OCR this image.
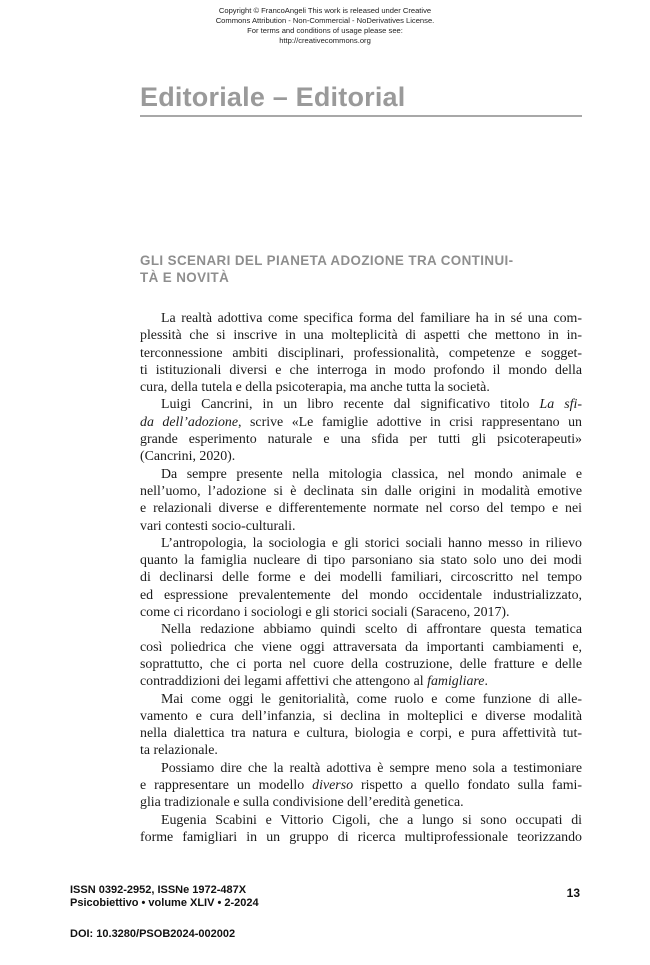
Copyright © FrancoAngeli This work is released under Creative
Commons Attribution - Non-Commercial - NoDerivatives License.
For terms and conditions of usage please see:
http://creativecommons.org
Editoriale – Editorial
GLI SCENARI DEL PIANETA ADOZIONE TRA CONTINUI-
TÀ E NOVITÀ
La realtà adottiva come specifica forma del familiare ha in sé una com-
plessità che si inscrive in una molteplicità di aspetti che mettono in in-
terconnessione ambiti disciplinari, professionalità, competenze e sogget-
ti istituzionali diversi e che interroga in modo profondo il mondo della
cura, della tutela e della psicoterapia, ma anche tutta la società.
Luigi Cancrini, in un libro recente dal significativo titolo La sfi-
da dell’adozione, scrive «Le famiglie adottive in crisi rappresentano un
grande esperimento naturale e una sfida per tutti gli psicoterapeuti»
(Cancrini, 2020).
Da sempre presente nella mitologia classica, nel mondo animale e
nell’uomo, l’adozione si è declinata sin dalle origini in modalità emotive
e relazionali diverse e differentemente normate nel corso del tempo e nei
vari contesti socio-culturali.
L’antropologia, la sociologia e gli storici sociali hanno messo in rilievo
quanto la famiglia nucleare di tipo parsoniano sia stato solo uno dei modi
di declinarsi delle forme e dei modelli familiari, circoscritto nel tempo
ed espressione prevalentemente del mondo occidentale industrializzato,
come ci ricordano i sociologi e gli storici sociali (Saraceno, 2017).
Nella redazione abbiamo quindi scelto di affrontare questa tematica
così poliedrica che viene oggi attraversata da importanti cambiamenti e,
soprattutto, che ci porta nel cuore della costruzione, delle fratture e delle
contraddizioni dei legami affettivi che attengono al famigliare.
Mai come oggi le genitorialità, come ruolo e come funzione di alle-
vamento e cura dell’infanzia, si declina in molteplici e diverse modalità
nella dialettica tra natura e cultura, biologia e corpi, e pura affettività tut-
ta relazionale.
Possiamo dire che la realtà adottiva è sempre meno sola a testimoniare
e rappresentare un modello diverso rispetto a quello fondato sulla fami-
glia tradizionale e sulla condivisione dell’eredità genetica.
Eugenia Scabini e Vittorio Cigoli, che a lungo si sono occupati di
forme famigliari in un gruppo di ricerca multiprofessionale teorizzando
ISSN 0392-2952, ISSNe 1972-487X
Psicobiettivo • volume XLIV • 2-2024
13
DOI: 10.3280/PSOB2024-002002
